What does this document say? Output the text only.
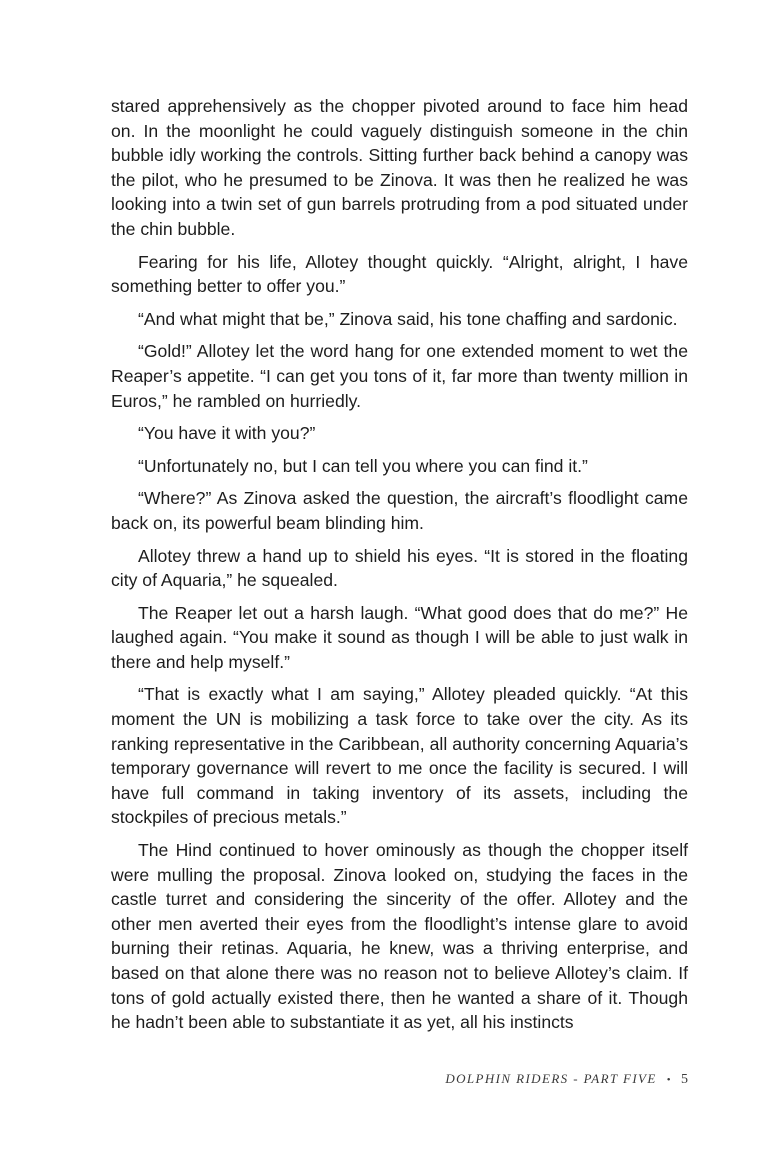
stared apprehensively as the chopper pivoted around to face him head on. In the moonlight he could vaguely distinguish someone in the chin bubble idly working the controls. Sitting further back behind a canopy was the pilot, who he presumed to be Zinova. It was then he realized he was looking into a twin set of gun barrels protruding from a pod situated under the chin bubble.

Fearing for his life, Allotey thought quickly. “Alright, alright, I have something better to offer you.”

“And what might that be,” Zinova said, his tone chaffing and sardonic.

“Gold!” Allotey let the word hang for one extended moment to wet the Reaper’s appetite. “I can get you tons of it, far more than twenty million in Euros,” he rambled on hurriedly.

“You have it with you?”

“Unfortunately no, but I can tell you where you can find it.”

“Where?” As Zinova asked the question, the aircraft’s floodlight came back on, its powerful beam blinding him.

Allotey threw a hand up to shield his eyes. “It is stored in the floating city of Aquaria,” he squealed.

The Reaper let out a harsh laugh. “What good does that do me?” He laughed again. “You make it sound as though I will be able to just walk in there and help myself.”

“That is exactly what I am saying,” Allotey pleaded quickly. “At this moment the UN is mobilizing a task force to take over the city. As its ranking representative in the Caribbean, all authority concerning Aquaria’s temporary governance will revert to me once the facility is secured. I will have full command in taking inventory of its assets, including the stockpiles of precious metals.”

The Hind continued to hover ominously as though the chopper itself were mulling the proposal. Zinova looked on, studying the faces in the castle turret and considering the sincerity of the offer. Allotey and the other men averted their eyes from the floodlight’s intense glare to avoid burning their retinas. Aquaria, he knew, was a thriving enterprise, and based on that alone there was no reason not to believe Allotey’s claim. If tons of gold actually existed there, then he wanted a share of it. Though he hadn’t been able to substantiate it as yet, all his instincts

DOLPHIN RIDERS - PART FIVE • 5
